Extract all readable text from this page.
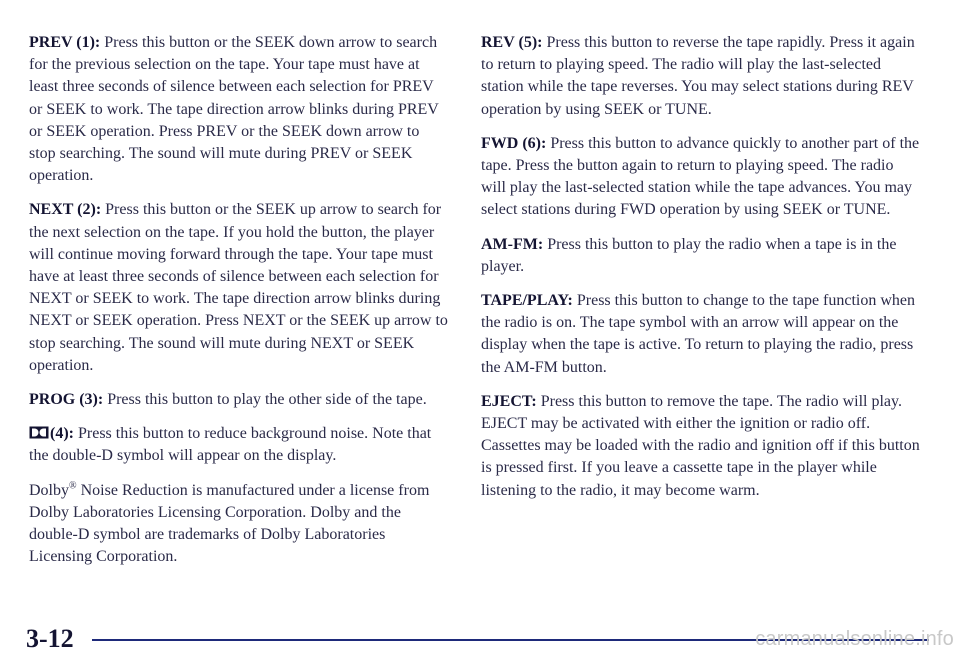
PREV (1): Press this button or the SEEK down arrow to search for the previous selection on the tape. Your tape must have at least three seconds of silence between each selection for PREV or SEEK to work. The tape direction arrow blinks during PREV or SEEK operation. Press PREV or the SEEK down arrow to stop searching. The sound will mute during PREV or SEEK operation.

NEXT (2): Press this button or the SEEK up arrow to search for the next selection on the tape. If you hold the button, the player will continue moving forward through the tape. Your tape must have at least three seconds of silence between each selection for NEXT or SEEK to work. The tape direction arrow blinks during NEXT or SEEK operation. Press NEXT or the SEEK up arrow to stop searching. The sound will mute during NEXT or SEEK operation.

PROG (3): Press this button to play the other side of the tape.

(4): Press this button to reduce background noise. Note that the double-D symbol will appear on the display.

Dolby® Noise Reduction is manufactured under a license from Dolby Laboratories Licensing Corporation. Dolby and the double-D symbol are trademarks of Dolby Laboratories Licensing Corporation.

REV (5): Press this button to reverse the tape rapidly. Press it again to return to playing speed. The radio will play the last-selected station while the tape reverses. You may select stations during REV operation by using SEEK or TUNE.

FWD (6): Press this button to advance quickly to another part of the tape. Press the button again to return to playing speed. The radio will play the last-selected station while the tape advances. You may select stations during FWD operation by using SEEK or TUNE.

AM-FM: Press this button to play the radio when a tape is in the player.

TAPE/PLAY: Press this button to change to the tape function when the radio is on. The tape symbol with an arrow will appear on the display when the tape is active. To return to playing the radio, press the AM-FM button.

EJECT: Press this button to remove the tape. The radio will play. EJECT may be activated with either the ignition or radio off. Cassettes may be loaded with the radio and ignition off if this button is pressed first. If you leave a cassette tape in the player while listening to the radio, it may become warm.

3-12	carmanualsonline.info
